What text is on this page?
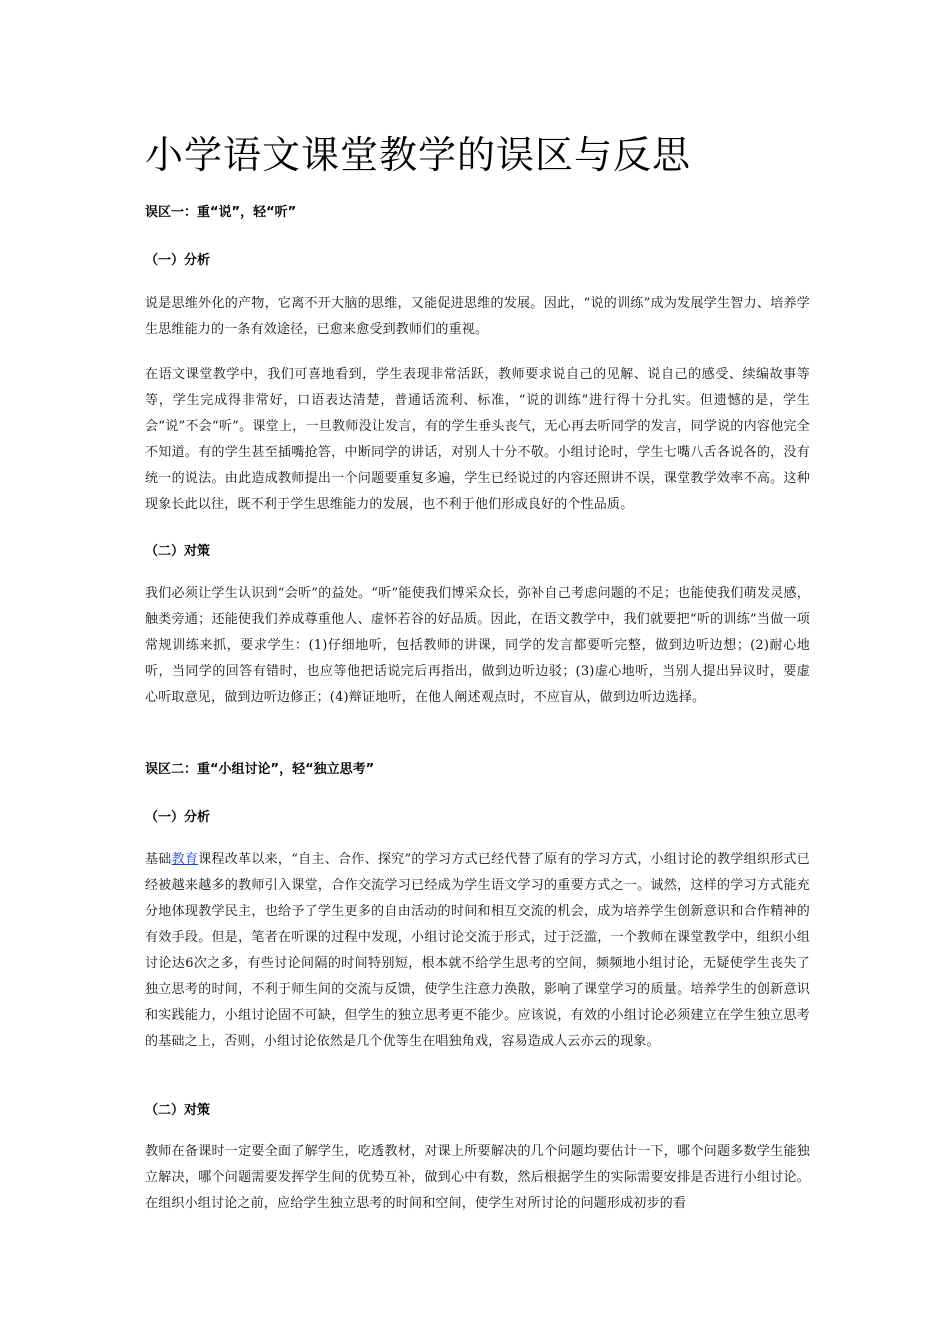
小学语文课堂教学的误区与反思
误区一：重“说”，轻“听”
（一）分析

说是思维外化的产物，它离不开大脑的思维，又能促进思维的发展。因此，“说的训练”成为发展学生智力、培养学生思维能力的一条有效途径，已愈来愈受到教师们的重视。

在语文课堂教学中，我们可喜地看到，学生表现非常活跃，教师要求说自己的见解、说自己的感受、续编故事等等，学生完成得非常好，口语表达清楚，普通话流利、标准，“说的训练”进行得十分扎实。但遗憾的是，学生会“说”不会“听”。课堂上，一旦教师没让发言，有的学生垂头丧气，无心再去听同学的发言，同学说的内容他完全不知道。有的学生甚至插嘴抢答，中断同学的讲话，对别人十分不敬。小组讨论时，学生七嘴八舌各说各的，没有统一的说法。由此造成教师提出一个问题要重复多遍，学生已经说过的内容还照讲不误，课堂教学效率不高。这种现象长此以往，既不利于学生思维能力的发展，也不利于他们形成良好的个性品质。

（二）对策

我们必须让学生认识到“会听”的益处。“听”能使我们博采众长，弥补自己考虑问题的不足；也能使我们萌发灵感，触类旁通；还能使我们养成尊重他人、虚怀若谷的好品质。因此，在语文教学中，我们就要把“听的训练”当做一项常规训练来抓，要求学生：(1)仔细地听，包括教师的讲课，同学的发言都要听完整，做到边听边想；(2)耐心地听，当同学的回答有错时，也应等他把话说完后再指出，做到边听边驳；(3)虚心地听，当别人提出异议时，要虚心听取意见，做到边听边修正；(4)辩证地听，在他人阐述观点时，不应盲从，做到边听边选择。

误区二：重“小组讨论”，轻“独立思考”
（一）分析

基础教育课程改革以来，“自主、合作、探究”的学习方式已经代替了原有的学习方式，小组讨论的教学组织形式已经被越来越多的教师引入课堂，合作交流学习已经成为学生语文学习的重要方式之一。诚然，这样的学习方式能充分地体现教学民主，也给予了学生更多的自由活动的时间和相互交流的机会，成为培养学生创新意识和合作精神的有效手段。但是，笔者在听课的过程中发现，小组讨论交流于形式，过于泛滥，一个教师在课堂教学中，组织小组讨论达6次之多，有些讨论间隔的时间特别短，根本就不给学生思考的空间，频频地小组讨论，无疑使学生丧失了独立思考的时间，不利于师生间的交流与反馈，使学生注意力涣散，影响了课堂学习的质量。培养学生的创新意识和实践能力，小组讨论固不可缺，但学生的独立思考更不能少。应该说，有效的小组讨论必须建立在学生独立思考的基础之上，否则，小组讨论依然是几个优等生在唱独角戏，容易造成人云亦云的现象。

（二）对策

教师在备课时一定要全面了解学生，吃透教材，对课上所要解决的几个问题均要估计一下，哪个问题多数学生能独立解决，哪个问题需要发挥学生间的优势互补，做到心中有数，然后根据学生的实际需要安排是否进行小组讨论。在组织小组讨论之前，应给学生独立思考的时间和空间，使学生对所讨论的问题形成初步的看
